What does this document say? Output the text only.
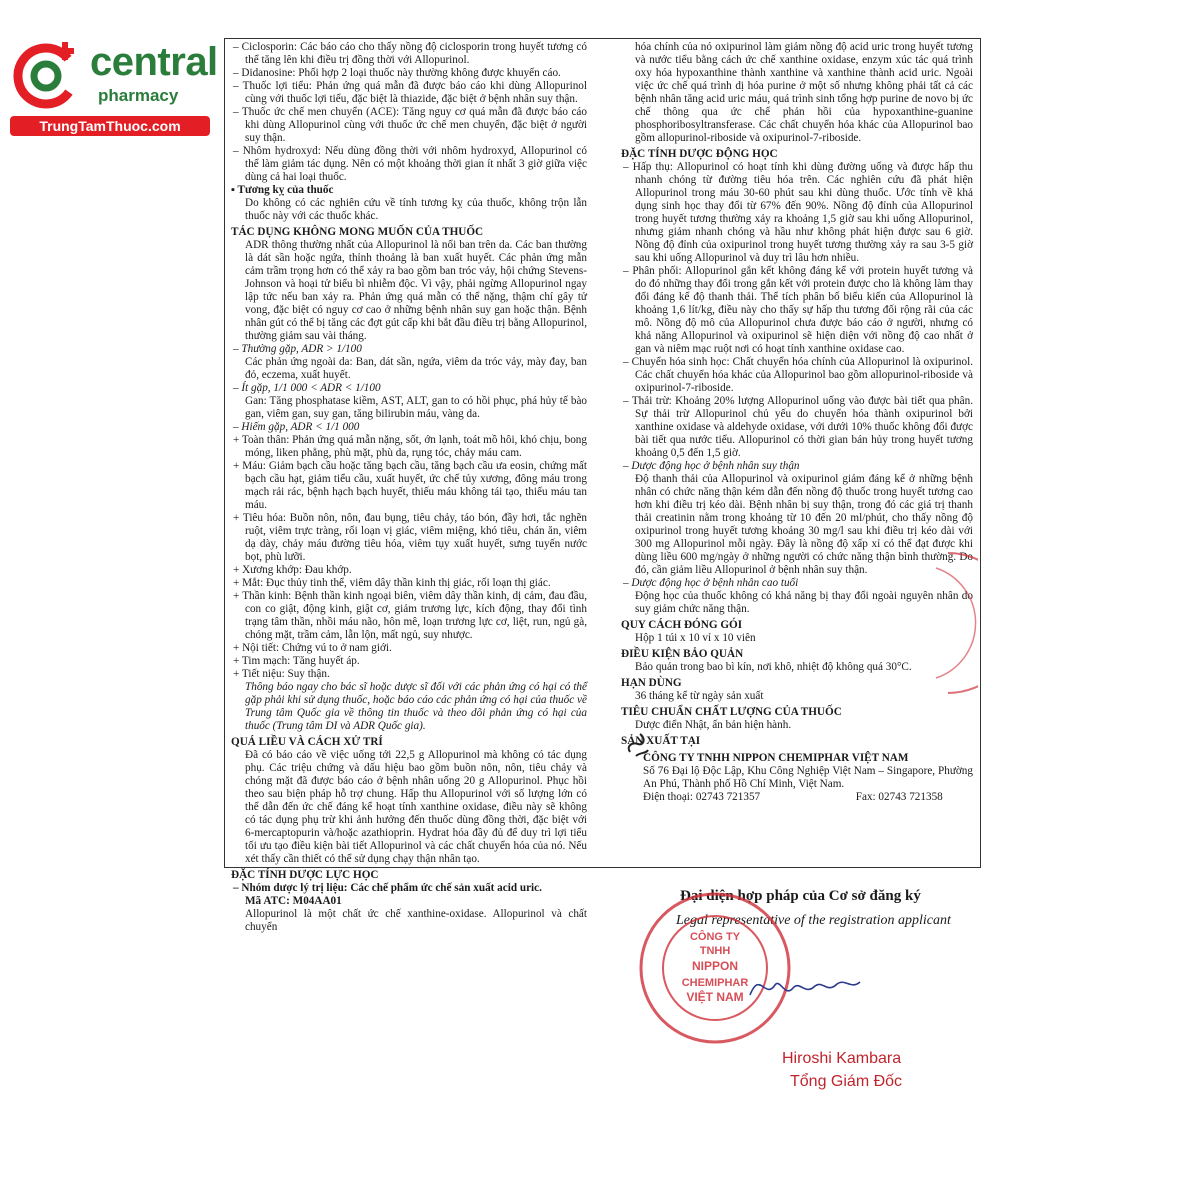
central
pharmacy
TrungTamThuoc.com

– Ciclosporin: Các báo cáo cho thấy nồng độ ciclosporin trong huyết tương có thể tăng lên khi điều trị đồng thời với Allopurinol.

– Didanosine: Phối hợp 2 loại thuốc này thường không được khuyến cáo.

– Thuốc lợi tiểu: Phản ứng quá mẫn đã được báo cáo khi dùng Allopurinol cùng với thuốc lợi tiểu, đặc biệt là thiazide, đặc biệt ở bệnh nhân suy thận.

– Thuốc ức chế men chuyển (ACE): Tăng nguy cơ quá mẫn đã được báo cáo khi dùng Allopurinol cùng với thuốc ức chế men chuyển, đặc biệt ở người suy thận.

– Nhôm hydroxyd: Nếu dùng đồng thời với nhôm hydroxyd, Allopurinol có thể làm giảm tác dụng. Nên có một khoảng thời gian ít nhất 3 giờ giữa việc dùng cả hai loại thuốc.

▪ Tương kỵ của thuốc

Do không có các nghiên cứu về tính tương kỵ của thuốc, không trộn lẫn thuốc này với các thuốc khác.

TÁC DỤNG KHÔNG MONG MUỐN CỦA THUỐC

ADR thông thường nhất của Allopurinol là nổi ban trên da. Các ban thường là dát sần hoặc ngứa, thỉnh thoảng là ban xuất huyết. Các phản ứng mẫn cảm trầm trọng hơn có thể xảy ra bao gồm ban tróc vảy, hội chứng Stevens-Johnson và hoại tử biểu bì nhiễm độc. Vì vậy, phải ngừng Allopurinol ngay lập tức nếu ban xảy ra. Phản ứng quá mẫn có thể nặng, thậm chí gây tử vong, đặc biệt có nguy cơ cao ở những bệnh nhân suy gan hoặc thận. Bệnh nhân gút có thể bị tăng các đợt gút cấp khi bắt đầu điều trị bằng Allopurinol, thường giảm sau vài tháng.

– Thường gặp, ADR > 1/100

Các phản ứng ngoài da: Ban, dát sần, ngứa, viêm da tróc vảy, mày đay, ban đỏ, eczema, xuất huyết.

– Ít gặp, 1/1 000 < ADR < 1/100

Gan: Tăng phosphatase kiềm, AST, ALT, gan to có hồi phục, phá hủy tế bào gan, viêm gan, suy gan, tăng bilirubin máu, vàng da.

– Hiếm gặp, ADR < 1/1 000

+ Toàn thân: Phản ứng quá mẫn nặng, sốt, ớn lạnh, toát mồ hôi, khó chịu, bong móng, liken phẳng, phù mặt, phù da, rụng tóc, chảy máu cam.

+ Máu: Giảm bạch cầu hoặc tăng bạch cầu, tăng bạch cầu ưa eosin, chứng mất bạch cầu hạt, giảm tiểu cầu, xuất huyết, ức chế tủy xương, đông máu trong mạch rải rác, bệnh hạch bạch huyết, thiếu máu không tái tạo, thiếu máu tan máu.

+ Tiêu hóa: Buồn nôn, nôn, đau bụng, tiêu chảy, táo bón, đầy hơi, tắc nghẽn ruột, viêm trực tràng, rối loạn vị giác, viêm miệng, khó tiêu, chán ăn, viêm dạ dày, chảy máu đường tiêu hóa, viêm tụy xuất huyết, sưng tuyến nước bọt, phù lưỡi.

+ Xương khớp: Đau khớp.

+ Mắt: Đục thủy tinh thể, viêm dây thần kinh thị giác, rối loạn thị giác.

+ Thần kinh: Bệnh thần kinh ngoại biên, viêm dây thần kinh, dị cảm, đau đầu, con co giật, động kinh, giật cơ, giảm trương lực, kích động, thay đổi tình trạng tâm thần, nhồi máu não, hôn mê, loạn trương lực cơ, liệt, run, ngủ gà, chóng mặt, trầm cảm, lẫn lộn, mất ngủ, suy nhược.

+ Nội tiết: Chứng vú to ở nam giới.

+ Tim mạch: Tăng huyết áp.

+ Tiết niệu: Suy thận.

Thông báo ngay cho bác sĩ hoặc dược sĩ đối với các phản ứng có hại có thể gặp phải khi sử dụng thuốc, hoặc báo cáo các phản ứng có hại của thuốc về Trung tâm Quốc gia về thông tin thuốc và theo dõi phản ứng có hại của thuốc (Trung tâm DI và ADR Quốc gia).

QUÁ LIỀU VÀ CÁCH XỬ TRÍ

Đã có báo cáo về việc uống tới 22,5 g Allopurinol mà không có tác dụng phụ. Các triệu chứng và dấu hiệu bao gồm buồn nôn, nôn, tiêu chảy và chóng mặt đã được báo cáo ở bệnh nhân uống 20 g Allopurinol. Phục hồi theo sau biện pháp hỗ trợ chung. Hấp thu Allopurinol với số lượng lớn có thể dẫn đến ức chế đáng kể hoạt tính xanthine oxidase, điều này sẽ không có tác dụng phụ trừ khi ảnh hưởng đến thuốc dùng đồng thời, đặc biệt với 6-mercaptopurin và/hoặc azathioprin. Hydrat hóa đầy đủ để duy trì lợi tiểu tối ưu tạo điều kiện bài tiết Allopurinol và các chất chuyển hóa của nó. Nếu xét thấy cần thiết có thể sử dụng chạy thận nhân tạo.

ĐẶC TÍNH DƯỢC LỰC HỌC

– Nhóm dược lý trị liệu: Các chế phẩm ức chế sản xuất acid uric.

Mã ATC: M04AA01

Allopurinol là một chất ức chế xanthine-oxidase. Allopurinol và chất chuyển

hóa chính của nó oxipurinol làm giảm nồng độ acid uric trong huyết tương và nước tiểu bằng cách ức chế xanthine oxidase, enzym xúc tác quá trình oxy hóa hypoxanthine thành xanthine và xanthine thành acid uric. Ngoài việc ức chế quá trình dị hóa purine ở một số nhưng không phải tất cả các bệnh nhân tăng acid uric máu, quá trình sinh tổng hợp purine de novo bị ức chế thông qua ức chế phản hồi của hypoxanthine-guanine phosphoribosyltransferase. Các chất chuyển hóa khác của Allopurinol bao gồm allopurinol-riboside và oxipurinol-7-riboside.

ĐẶC TÍNH DƯỢC ĐỘNG HỌC

– Hấp thụ: Allopurinol có hoạt tính khi dùng đường uống và được hấp thu nhanh chóng từ đường tiêu hóa trên. Các nghiên cứu đã phát hiện Allopurinol trong máu 30-60 phút sau khi dùng thuốc. Ước tính về khả dụng sinh học thay đổi từ 67% đến 90%. Nồng độ đỉnh của Allopurinol trong huyết tương thường xảy ra khoảng 1,5 giờ sau khi uống Allopurinol, nhưng giảm nhanh chóng và hầu như không phát hiện được sau 6 giờ. Nồng độ đỉnh của oxipurinol trong huyết tương thường xảy ra sau 3-5 giờ sau khi uống Allopurinol và duy trì lâu hơn nhiều.

– Phân phối: Allopurinol gắn kết không đáng kể với protein huyết tương và do đó những thay đổi trong gắn kết với protein được cho là không làm thay đổi đáng kể độ thanh thải. Thể tích phân bố biểu kiến của Allopurinol là khoảng 1,6 lít/kg, điều này cho thấy sự hấp thu tương đối rộng rãi của các mô. Nồng độ mô của Allopurinol chưa được báo cáo ở người, nhưng có khả năng Allopurinol và oxipurinol sẽ hiện diện với nồng độ cao nhất ở gan và niêm mạc ruột nơi có hoạt tính xanthine oxidase cao.

– Chuyển hóa sinh học: Chất chuyển hóa chính của Allopurinol là oxipurinol. Các chất chuyển hóa khác của Allopurinol bao gồm allopurinol-riboside và oxipurinol-7-riboside.

– Thải trừ: Khoảng 20% lượng Allopurinol uống vào được bài tiết qua phân. Sự thải trừ Allopurinol chủ yếu do chuyển hóa thành oxipurinol bởi xanthine oxidase và aldehyde oxidase, với dưới 10% thuốc không đổi được bài tiết qua nước tiểu. Allopurinol có thời gian bán hủy trong huyết tương khoảng 0,5 đến 1,5 giờ.

– Dược động học ở bệnh nhân suy thận

Độ thanh thải của Allopurinol và oxipurinol giảm đáng kể ở những bệnh nhân có chức năng thận kém dẫn đến nồng độ thuốc trong huyết tương cao hơn khi điều trị kéo dài. Bệnh nhân bị suy thận, trong đó các giá trị thanh thải creatinin nằm trong khoảng từ 10 đến 20 ml/phút, cho thấy nồng độ oxipurinol trong huyết tương khoảng 30 mg/l sau khi điều trị kéo dài với 300 mg Allopurinol mỗi ngày. Đây là nồng độ xấp xỉ có thể đạt được khi dùng liều 600 mg/ngày ở những người có chức năng thận bình thường. Do đó, cần giảm liều Allopurinol ở bệnh nhân suy thận.

– Dược động học ở bệnh nhân cao tuổi

Động học của thuốc không có khả năng bị thay đổi ngoài nguyên nhân do suy giảm chức năng thận.

QUY CÁCH ĐÓNG GÓI

Hộp 1 túi x 10 vỉ x 10 viên

ĐIỀU KIỆN BẢO QUẢN

Bảo quản trong bao bì kín, nơi khô, nhiệt độ không quá 30°C.

HẠN DÙNG

36 tháng kể từ ngày sản xuất

TIÊU CHUẨN CHẤT LƯỢNG CỦA THUỐC

Dược điển Nhật, ấn bản hiện hành.

SẢN XUẤT TẠI

CÔNG TY TNHH NIPPON CHEMIPHAR VIỆT NAM

Số 76 Đại lộ Độc Lập, Khu Công Nghiệp Việt Nam – Singapore, Phường An Phú, Thành phố Hồ Chí Minh, Việt Nam.

Điện thoại: 02743 721357	Fax: 02743 721358

Đại diện hợp pháp của Cơ sở đăng ký
Legal representative of the registration applicant
CÔNG TY
TNHH
NIPPON
CHEMIPHAR
VIỆT NAM
Hiroshi Kambara
Tổng Giám Đốc
